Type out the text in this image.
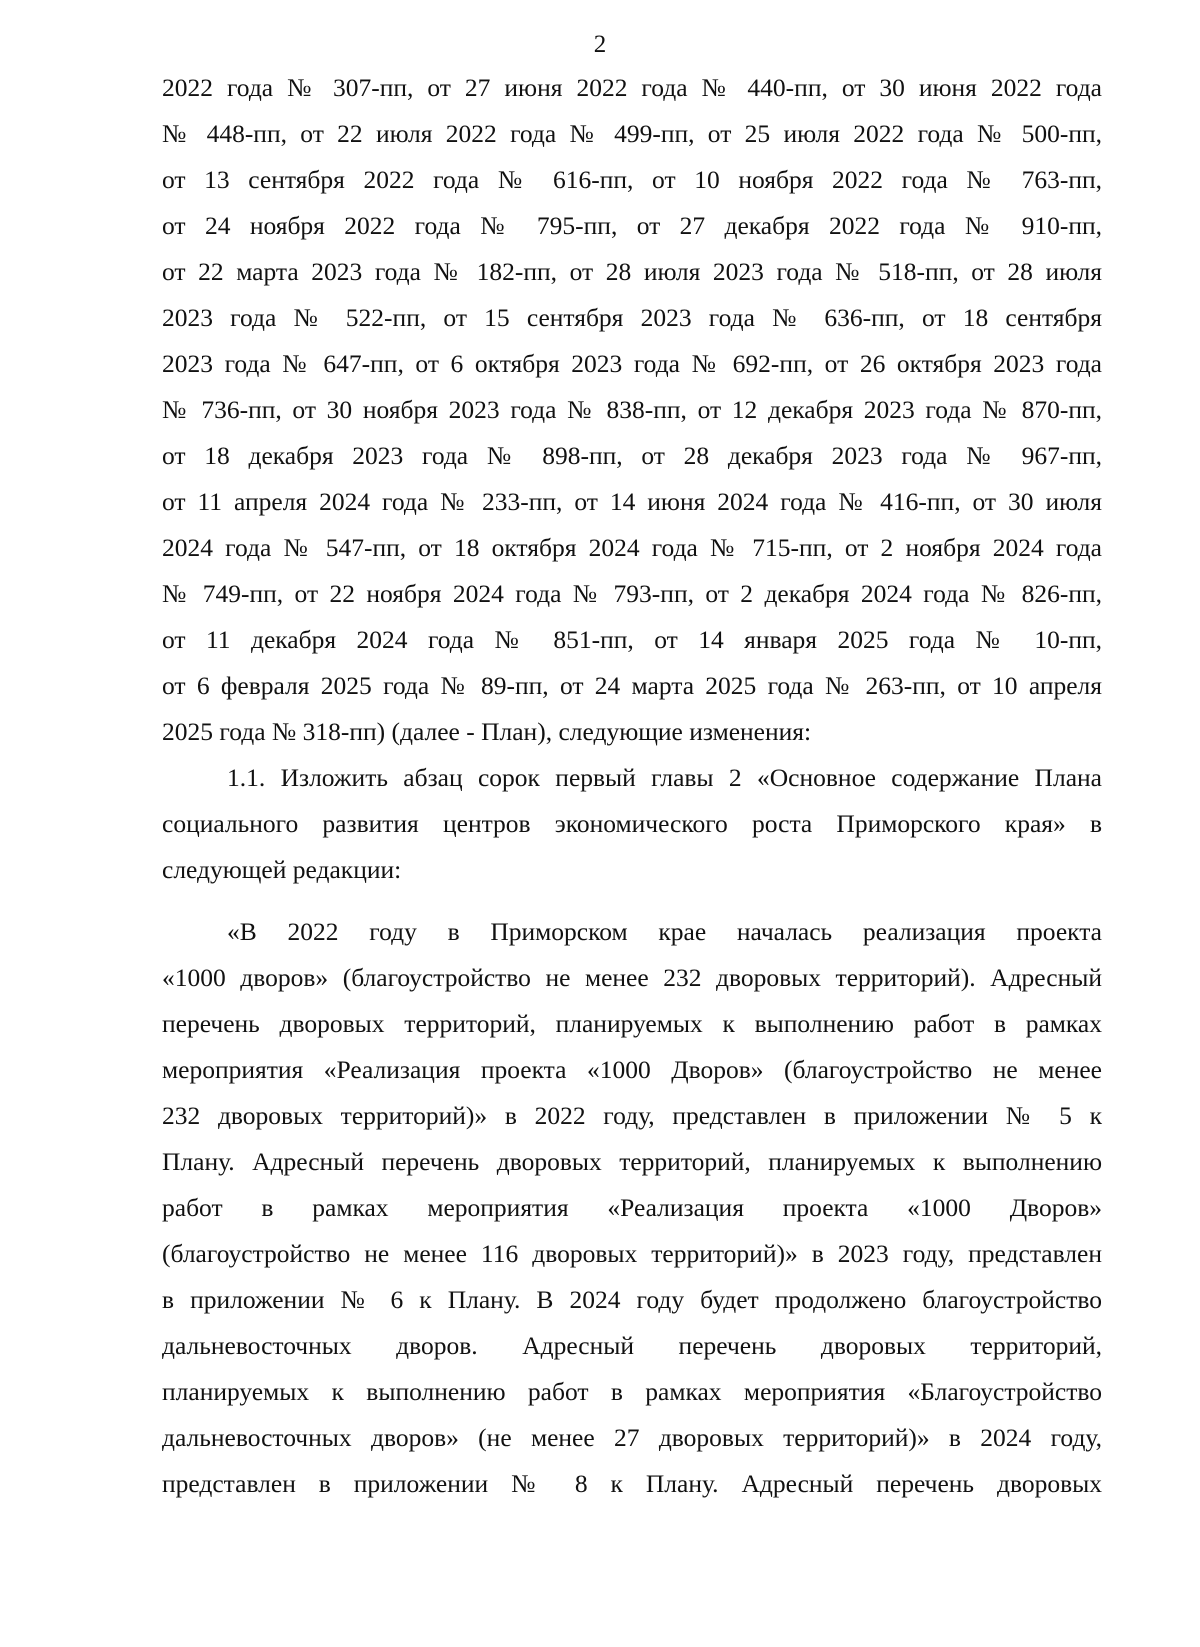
2
2022 года № 307-пп, от 27 июня 2022 года № 440-пп, от 30 июня 2022 года
№ 448-пп, от 22 июля 2022 года № 499-пп, от 25 июля 2022 года № 500-пп,
от 13 сентября 2022 года № 616-пп, от 10 ноября 2022 года № 763-пп,
от 24 ноября 2022 года № 795-пп, от 27 декабря 2022 года № 910-пп,
от 22 марта 2023 года № 182-пп, от 28 июля 2023 года № 518-пп, от 28 июля
2023 года № 522-пп, от 15 сентября 2023 года № 636-пп, от 18 сентября
2023 года № 647-пп, от 6 октября 2023 года № 692-пп, от 26 октября 2023 года
№ 736-пп, от 30 ноября 2023 года № 838-пп, от 12 декабря 2023 года № 870-пп,
от 18 декабря 2023 года № 898-пп, от 28 декабря 2023 года № 967-пп,
от 11 апреля 2024 года № 233-пп, от 14 июня 2024 года № 416-пп, от 30 июля
2024 года № 547-пп, от 18 октября 2024 года № 715-пп, от 2 ноября 2024 года
№ 749-пп, от 22 ноября 2024 года № 793-пп, от 2 декабря 2024 года № 826-пп,
от 11 декабря 2024 года № 851-пп, от 14 января 2025 года № 10-пп,
от 6 февраля 2025 года № 89-пп, от 24 марта 2025 года № 263-пп, от 10 апреля
2025 года № 318-пп) (далее - План), следующие изменения:
1.1. Изложить абзац сорок первый главы 2 «Основное содержание Плана
социального развития центров экономического роста Приморского края» в
следующей редакции:
«В 2022 году в Приморском крае началась реализация проекта
«1000 дворов» (благоустройство не менее 232 дворовых территорий). Адресный
перечень дворовых территорий, планируемых к выполнению работ в рамках
мероприятия «Реализация проекта «1000 Дворов» (благоустройство не менее
232 дворовых территорий)» в 2022 году, представлен в приложении № 5 к
Плану. Адресный перечень дворовых территорий, планируемых к выполнению
работ в рамках мероприятия «Реализация проекта «1000 Дворов»
(благоустройство не менее 116 дворовых территорий)» в 2023 году, представлен
в приложении № 6 к Плану. В 2024 году будет продолжено благоустройство
дальневосточных дворов. Адресный перечень дворовых территорий,
планируемых к выполнению работ в рамках мероприятия «Благоустройство
дальневосточных дворов» (не менее 27 дворовых территорий)» в 2024 году,
представлен в приложении № 8 к Плану. Адресный перечень дворовых
